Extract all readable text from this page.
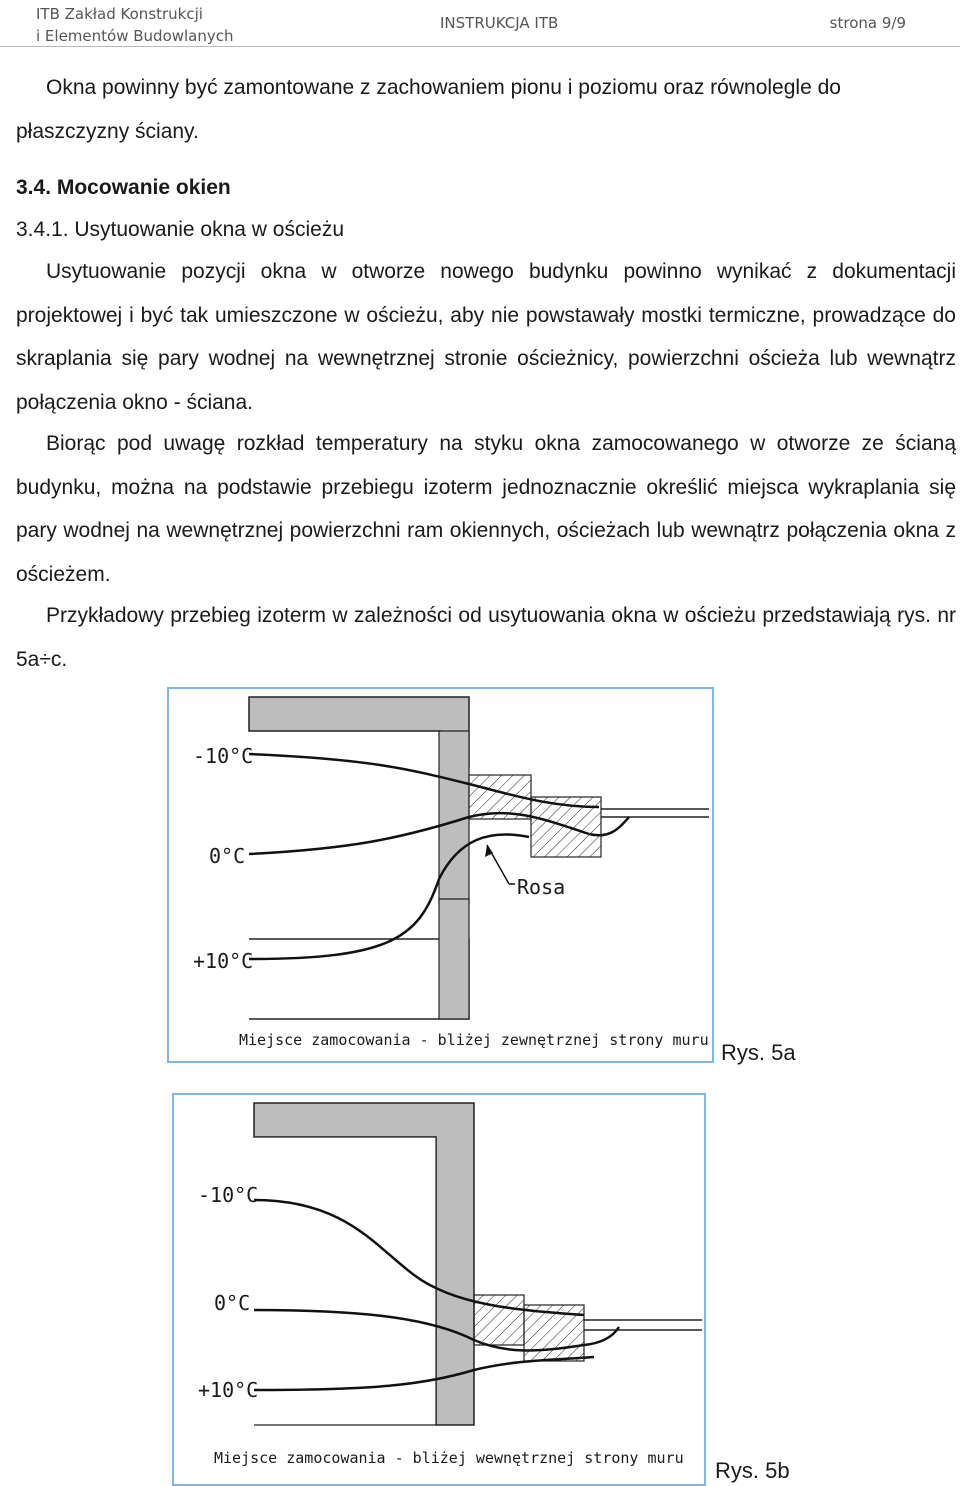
ITB Zakład Konstrukcji
i Elementów Budowlanych
INSTRUKCJA ITB	strona 9/9
Okna powinny być zamontowane z zachowaniem pionu i poziomu oraz równolegle do płaszczyzny ściany.
3.4. Mocowanie okien
3.4.1. Usytuowanie okna w ościeżu
Usytuowanie pozycji okna w otworze nowego budynku powinno wynikać z dokumentacji projektowej i być tak umieszczone w ościeżu, aby nie powstawały mostki termiczne, prowadzące do skraplania się pary wodnej na wewnętrznej stronie ościeżnicy, powierzchni ościeża lub wewnątrz połączenia okno - ściana.
Biorąc pod uwagę rozkład temperatury na styku okna zamocowanego w otworze ze ścianą budynku, można na podstawie przebiegu izoterm jednoznacznie określić miejsca wykraplania się pary wodnej na wewnętrznej powierzchni ram okiennych, ościeżach lub wewnątrz połączenia okna z ościeżem.
Przykładowy przebieg izoterm w zależności od usytuowania okna w ościeżu przedstawiają rys. nr 5a÷c.
-10°C
0°C
+10°C
Rosa
Miejsce zamocowania - bliżej zewnętrznej strony muru Rys. 5a
-10°C
0°C
+10°C
Miejsce zamocowania - bliżej wewnętrznej strony muru Rys. 5b
